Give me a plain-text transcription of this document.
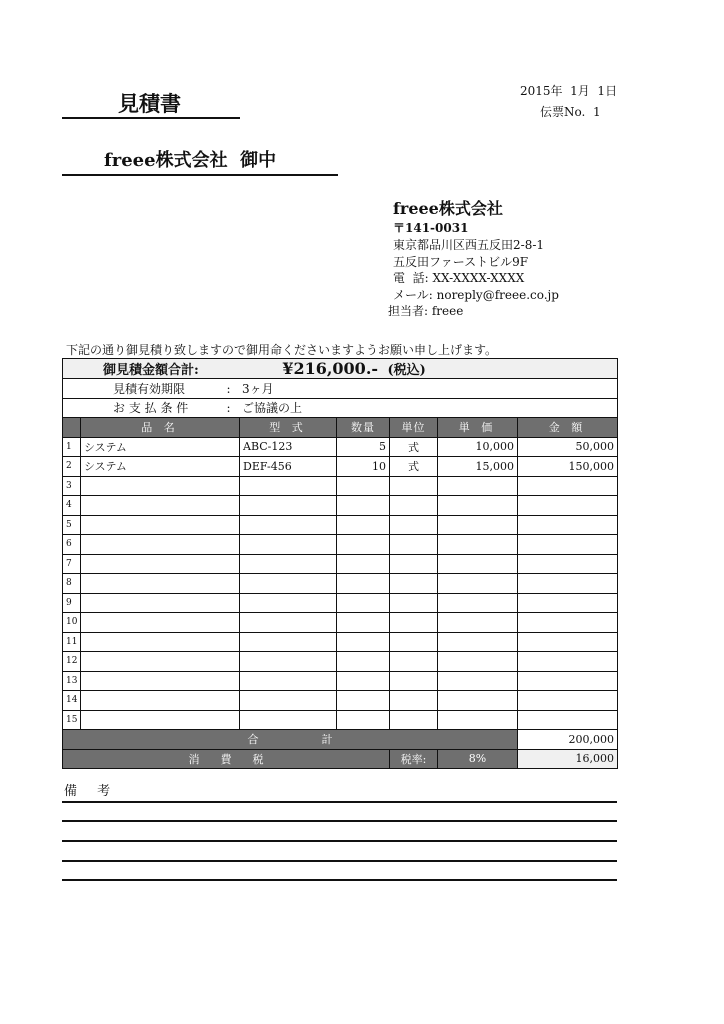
見積書
freee株式会社  御中
2015年  1月  1日
伝票No.  1
freee株式会社
〒141-0031
東京都品川区西五反田2-8-1
五反田ファーストビル9F
電  話: XX-XXXX-XXXX
メール: noreply@freee.co.jp
担当者: freee
下記の通り御見積り致しますので御用命くださいますようお願い申し上げます。
御見積金額合計: ¥216,000.- (税込)						
見積有効期限 : 3ヶ月						
お 支 払 条 件 : ご協議の上						
	品 名	型 式	数量	単位	単 価	金 額
1	システム	ABC-123	5	式	10,000	50,000
2	システム	DEF-456	10	式	15,000	150,000
3						
4						
5						
6						
7						
8						
9						
10						
11						
12						
13						
14						
15						
合                  計						200,000
消      費      税				税率:	8%	16,000
備 考
